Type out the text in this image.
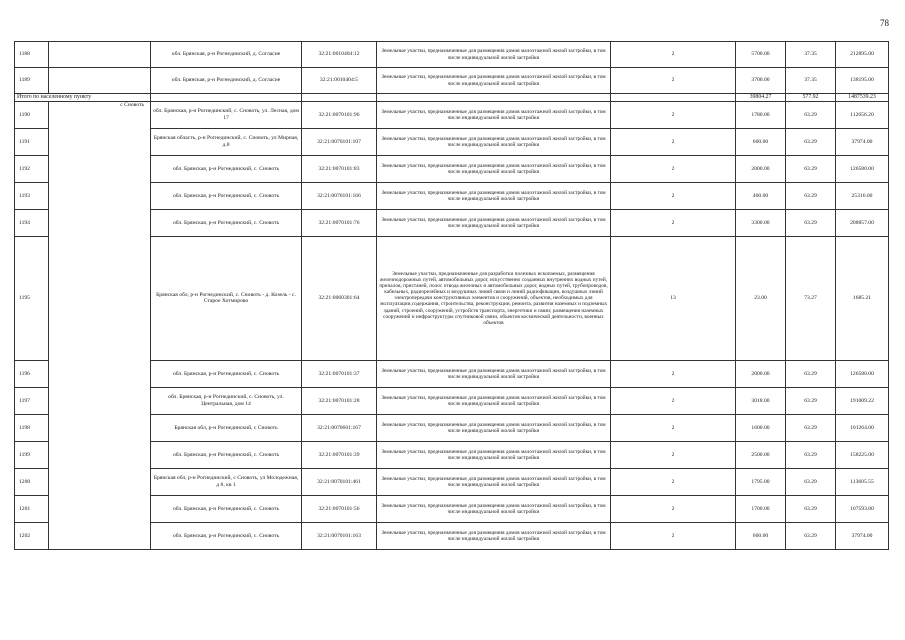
78
1188		обл. Брянская, р-н Рогнединский, д. Согласие	32:21:0010404:12	Земельные участки, предназначенные для размещения домов малоэтажной жилой застройки, в том числе индивидуальной жилой застройки	2	5700.00	37.35	212895.00
1189		обл. Брянская, р-н Рогнединский, д. Согласие	32:21:0010404:5	Земельные участки, предназначенные для размещения домов малоэтажной жилой застройки, в том числе индивидуальной жилой застройки	2	3700.00	37.35	138195.00
Итого по населенному пункту						39804.27	577.92	1487539.23
1190	с Сновоть	обл. Брянская, р-н Рогнединский, с. Сновоть, ул. Лесная, дом 17	32:21:0070101:96	Земельные участки, предназначенные для размещения домов малоэтажной жилой застройки, в том числе индивидуальной жилой застройки	2	1780.00	63.29	112656.20
1191		Брянская область, р-н Рогнединский, с. Сновоть, ул Мирная, д.8	32:21:0070101:107	Земельные участки, предназначенные для размещения домов малоэтажной жилой застройки, в том числе индивидуальной жилой застройки	2	600.00	63.29	37974.00
1192		обл. Брянская, р-н Рогнединский, с. Сновоть	32:21:0070101:83	Земельные участки, предназначенные для размещения домов малоэтажной жилой застройки, в том числе индивидуальной жилой застройки	2	2000.00	63.29	126580.00
1193		обл. Брянская, р-н Рогнединский, с. Сновоть	32:21:0070101:166	Земельные участки, предназначенные для размещения домов малоэтажной жилой застройки, в том числе индивидуальной жилой застройки	2	400.00	63.29	25316.00
1194		обл. Брянская, р-н Рогнединский, с. Сновоть	32:21:0070101:76	Земельные участки, предназначенные для размещения домов малоэтажной жилой застройки, в том числе индивидуальной жилой застройки	2	3300.00	63.29	208857.00
1195		Брянская обл, р-н Рогнединский, с. Сновоть - д. Козель - с. Старое Хотмирово	32:21:0060301:64	Земельные участки, предназначенные для разработки полезных ископаемых, размещения железнодорожных путей, автомобильных дорог, искусственно созданных внутренних водных путей, причалов, пристаней, полос отвода железных и автомобильных дорог, водных путей, трубопроводов, кабельных, радиорелейных и воздушных линий связи и линий радиофикации, воздушных линий электропередачи конструктивных элементов и сооружений, объектов, необходимых для эксплуатации,содержания, строительства, реконструкции, ремонта, развития наземных и подземных зданий, строений, сооружений, устройств транспорта, энергетики и связи; размещения наземных сооружений и инфраструктуры спутниковой связи, объектов космической деятельности, военных объектов	13	23.00	73.27	1685.21
1196		обл. Брянская, р-н Рогнединский, с. Сновоть	32:21:0070101:37	Земельные участки, предназначенные для размещения домов малоэтажной жилой застройки, в том числе индивидуальной жилой застройки	2	2000.00	63.29	126580.00
1197		обл. Брянская, р-н Рогнединский, с. Сновоть, ул. Центральная, дом 14	32:21:0070101:28	Земельные участки, предназначенные для размещения домов малоэтажной жилой застройки, в том числе индивидуальной жилой застройки	2	3018.00	63.29	191009.22
1198		Брянская обл, р-н Рогнединский, с Сновоть	32:21:0070601:167	Земельные участки, предназначенные для размещения домов малоэтажной жилой застройки, в том числе индивидуальной жилой застройки	2	1600.00	63.29	101264.00
1199		обл. Брянская, р-н Рогнединский, с. Сновоть	32:21:0070101:39	Земельные участки, предназначенные для размещения домов малоэтажной жилой застройки, в том числе индивидуальной жилой застройки	2	2500.00	63.29	158225.00
1200		Брянская обл, р-н Рогнединский, с Сновоть, ул Молодежная, д 8, кв 1	32:21:0070101:461	Земельные участки, предназначенные для размещения домов малоэтажной жилой застройки, в том числе индивидуальной жилой застройки	2	1795.00	63.29	113605.55
1201		обл. Брянская, р-н Рогнединский, с. Сновоть	32:21:0070101:56	Земельные участки, предназначенные для размещения домов малоэтажной жилой застройки, в том числе индивидуальной жилой застройки	2	1700.00	63.29	107593.00
1202		обл. Брянская, р-н Рогнединский, с. Сновоть	32:21:0070101:163	Земельные участки, предназначенные для размещения домов малоэтажной жилой застройки, в том числе индивидуальной жилой застройки	2	600.00	63.29	37974.00
